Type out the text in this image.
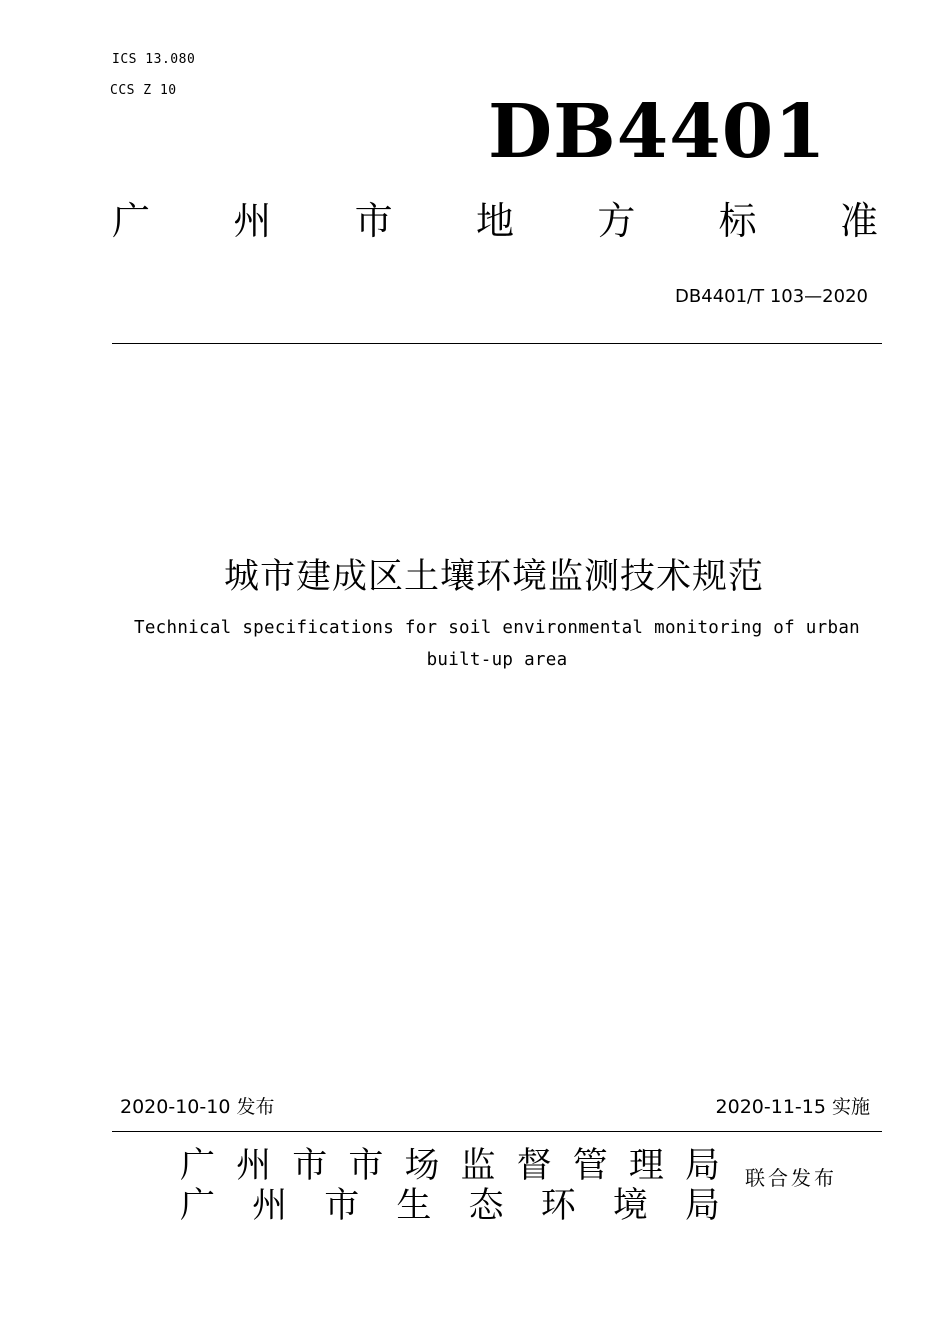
ICS 13.080
CCS Z 10	DB4401
广 州 市 地 方 标 准
DB4401/T 103—2020
城市建成区土壤环境监测技术规范
Technical specifications for soil environmental monitoring of urban
built-up area
2020-10-10 发布	2020-11-15 实施
广 州 市 市 场 监 督 管 理 局
广 州 市 生 态 环 境 局
联合发布
